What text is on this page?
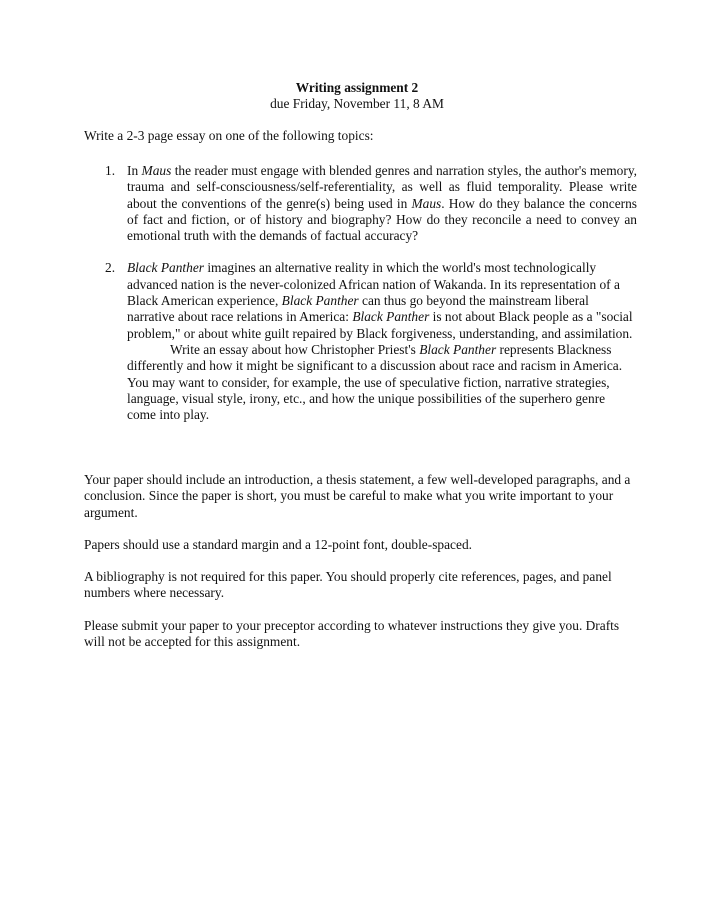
Writing assignment 2
due Friday, November 11, 8 AM
Write a 2-3 page essay on one of the following topics:
1. In Maus the reader must engage with blended genres and narration styles, the author's memory, trauma and self-consciousness/self-referentiality, as well as fluid temporality. Please write about the conventions of the genre(s) being used in Maus. How do they balance the concerns of fact and fiction, or of history and biography? How do they reconcile a need to convey an emotional truth with the demands of factual accuracy?
2. Black Panther imagines an alternative reality in which the world's most technologically advanced nation is the never-colonized African nation of Wakanda. In its representation of a Black American experience, Black Panther can thus go beyond the mainstream liberal narrative about race relations in America: Black Panther is not about Black people as a "social problem," or about white guilt repaired by Black forgiveness, understanding, and assimilation.
Write an essay about how Christopher Priest's Black Panther represents Blackness differently and how it might be significant to a discussion about race and racism in America. You may want to consider, for example, the use of speculative fiction, narrative strategies, language, visual style, irony, etc., and how the unique possibilities of the superhero genre come into play.

Your paper should include an introduction, a thesis statement, a few well-developed paragraphs, and a conclusion. Since the paper is short, you must be careful to make what you write important to your argument.

Papers should use a standard margin and a 12-point font, double-spaced.

A bibliography is not required for this paper. You should properly cite references, pages, and panel numbers where necessary.

Please submit your paper to your preceptor according to whatever instructions they give you. Drafts will not be accepted for this assignment.
